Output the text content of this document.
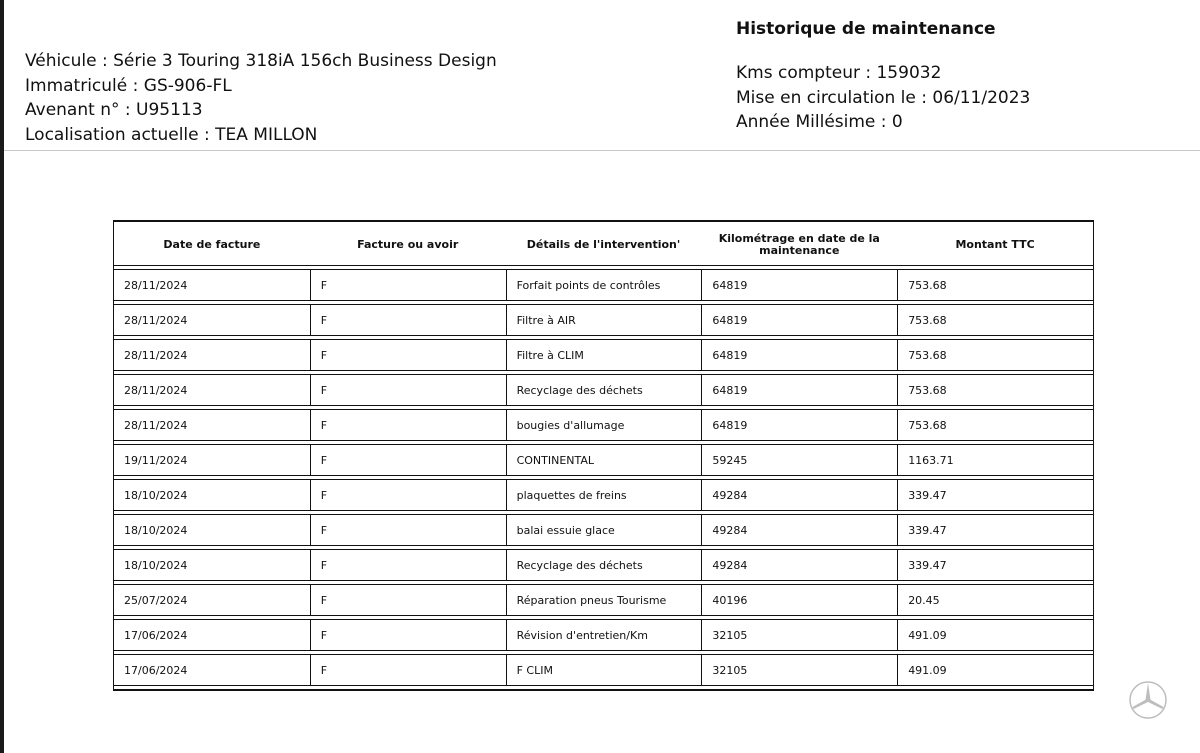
Véhicule : Série 3 Touring 318iA 156ch Business Design
Immatriculé : GS-906-FL
Avenant n° : U95113
Localisation actuelle : TEA MILLON
Historique de maintenance
Kms compteur : 159032
Mise en circulation le : 06/11/2023
Année Millésime : 0
Date de facture	Facture ou avoir	Détails de l'intervention'	Kilométrage en date de la maintenance	Montant TTC
28/11/2024	F	Forfait points de contrôles	64819	753.68
28/11/2024	F	Filtre à AIR	64819	753.68
28/11/2024	F	Filtre à CLIM	64819	753.68
28/11/2024	F	Recyclage des déchets	64819	753.68
28/11/2024	F	bougies d'allumage	64819	753.68
19/11/2024	F	CONTINENTAL	59245	1163.71
18/10/2024	F	plaquettes de freins	49284	339.47
18/10/2024	F	balai essuie glace	49284	339.47
18/10/2024	F	Recyclage des déchets	49284	339.47
25/07/2024	F	Réparation pneus Tourisme	40196	20.45
17/06/2024	F	Révision d'entretien/Km	32105	491.09
17/06/2024	F	F CLIM	32105	491.09
